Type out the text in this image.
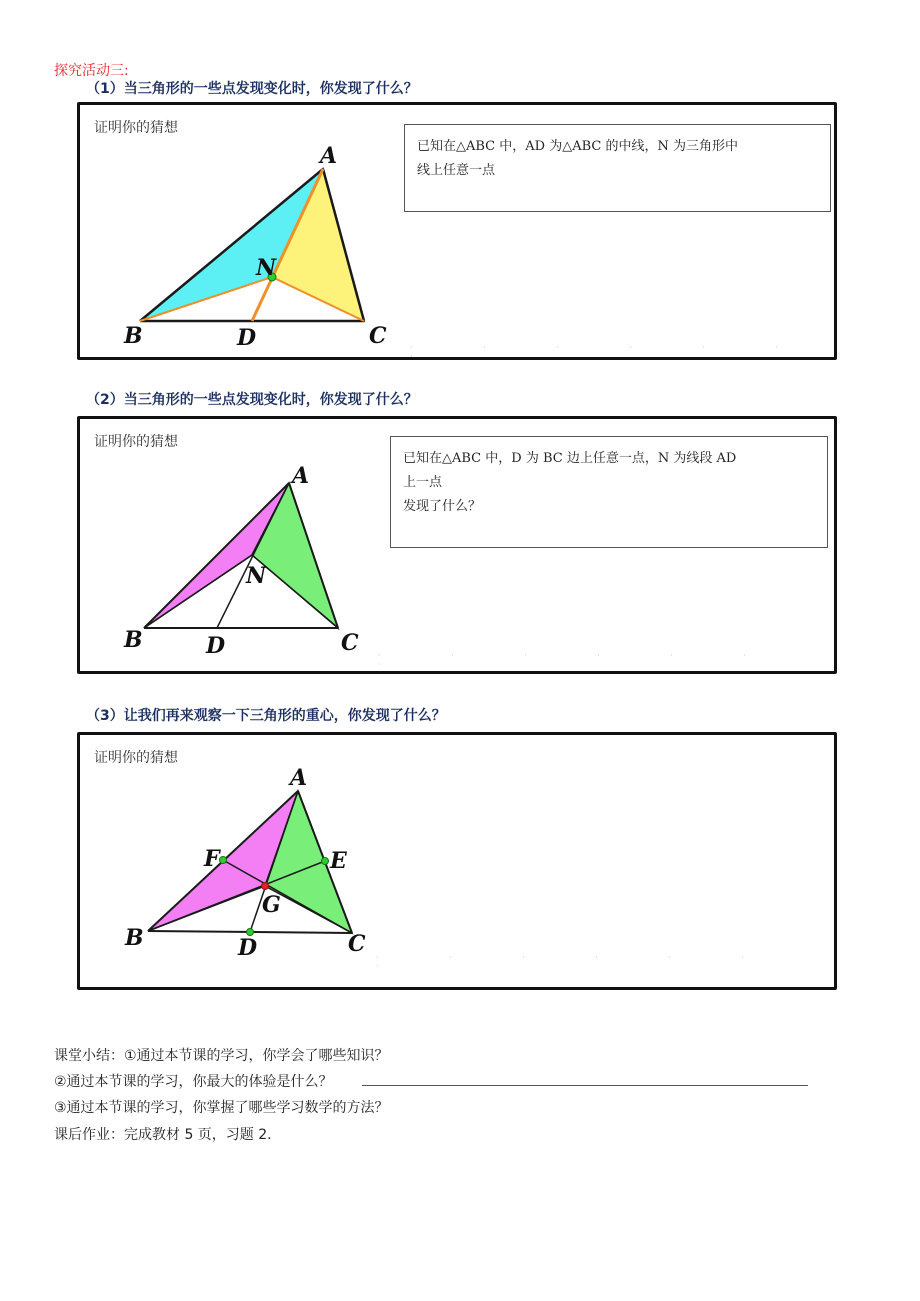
探究活动三:
（1）当三角形的一些点发现变化时，你发现了什么？
证明你的猜想
已知在△ABC 中，AD 为△ABC 的中线，N 为三角形中
线上任意一点
A
N
B	D	C	· · · · · · ·
（2）当三角形的一些点发现变化时，你发现了什么？
证明你的猜想
已知在△ABC 中，D 为 BC 边上任意一点，N 为线段 AD
上一点
发现了什么？
A
N
B	D	C · · · · · · ·
（3）让我们再来观察一下三角形的重心，你发现了什么？
证明你的猜想
A
F	E
G
B	D	C
· · · · · · ·
课堂小结：①通过本节课的学习，你学会了哪些知识？
②通过本节课的学习，你最大的体验是什么？
③通过本节课的学习，你掌握了哪些学习数学的方法？
课后作业：完成教材 5 页，习题 2.
